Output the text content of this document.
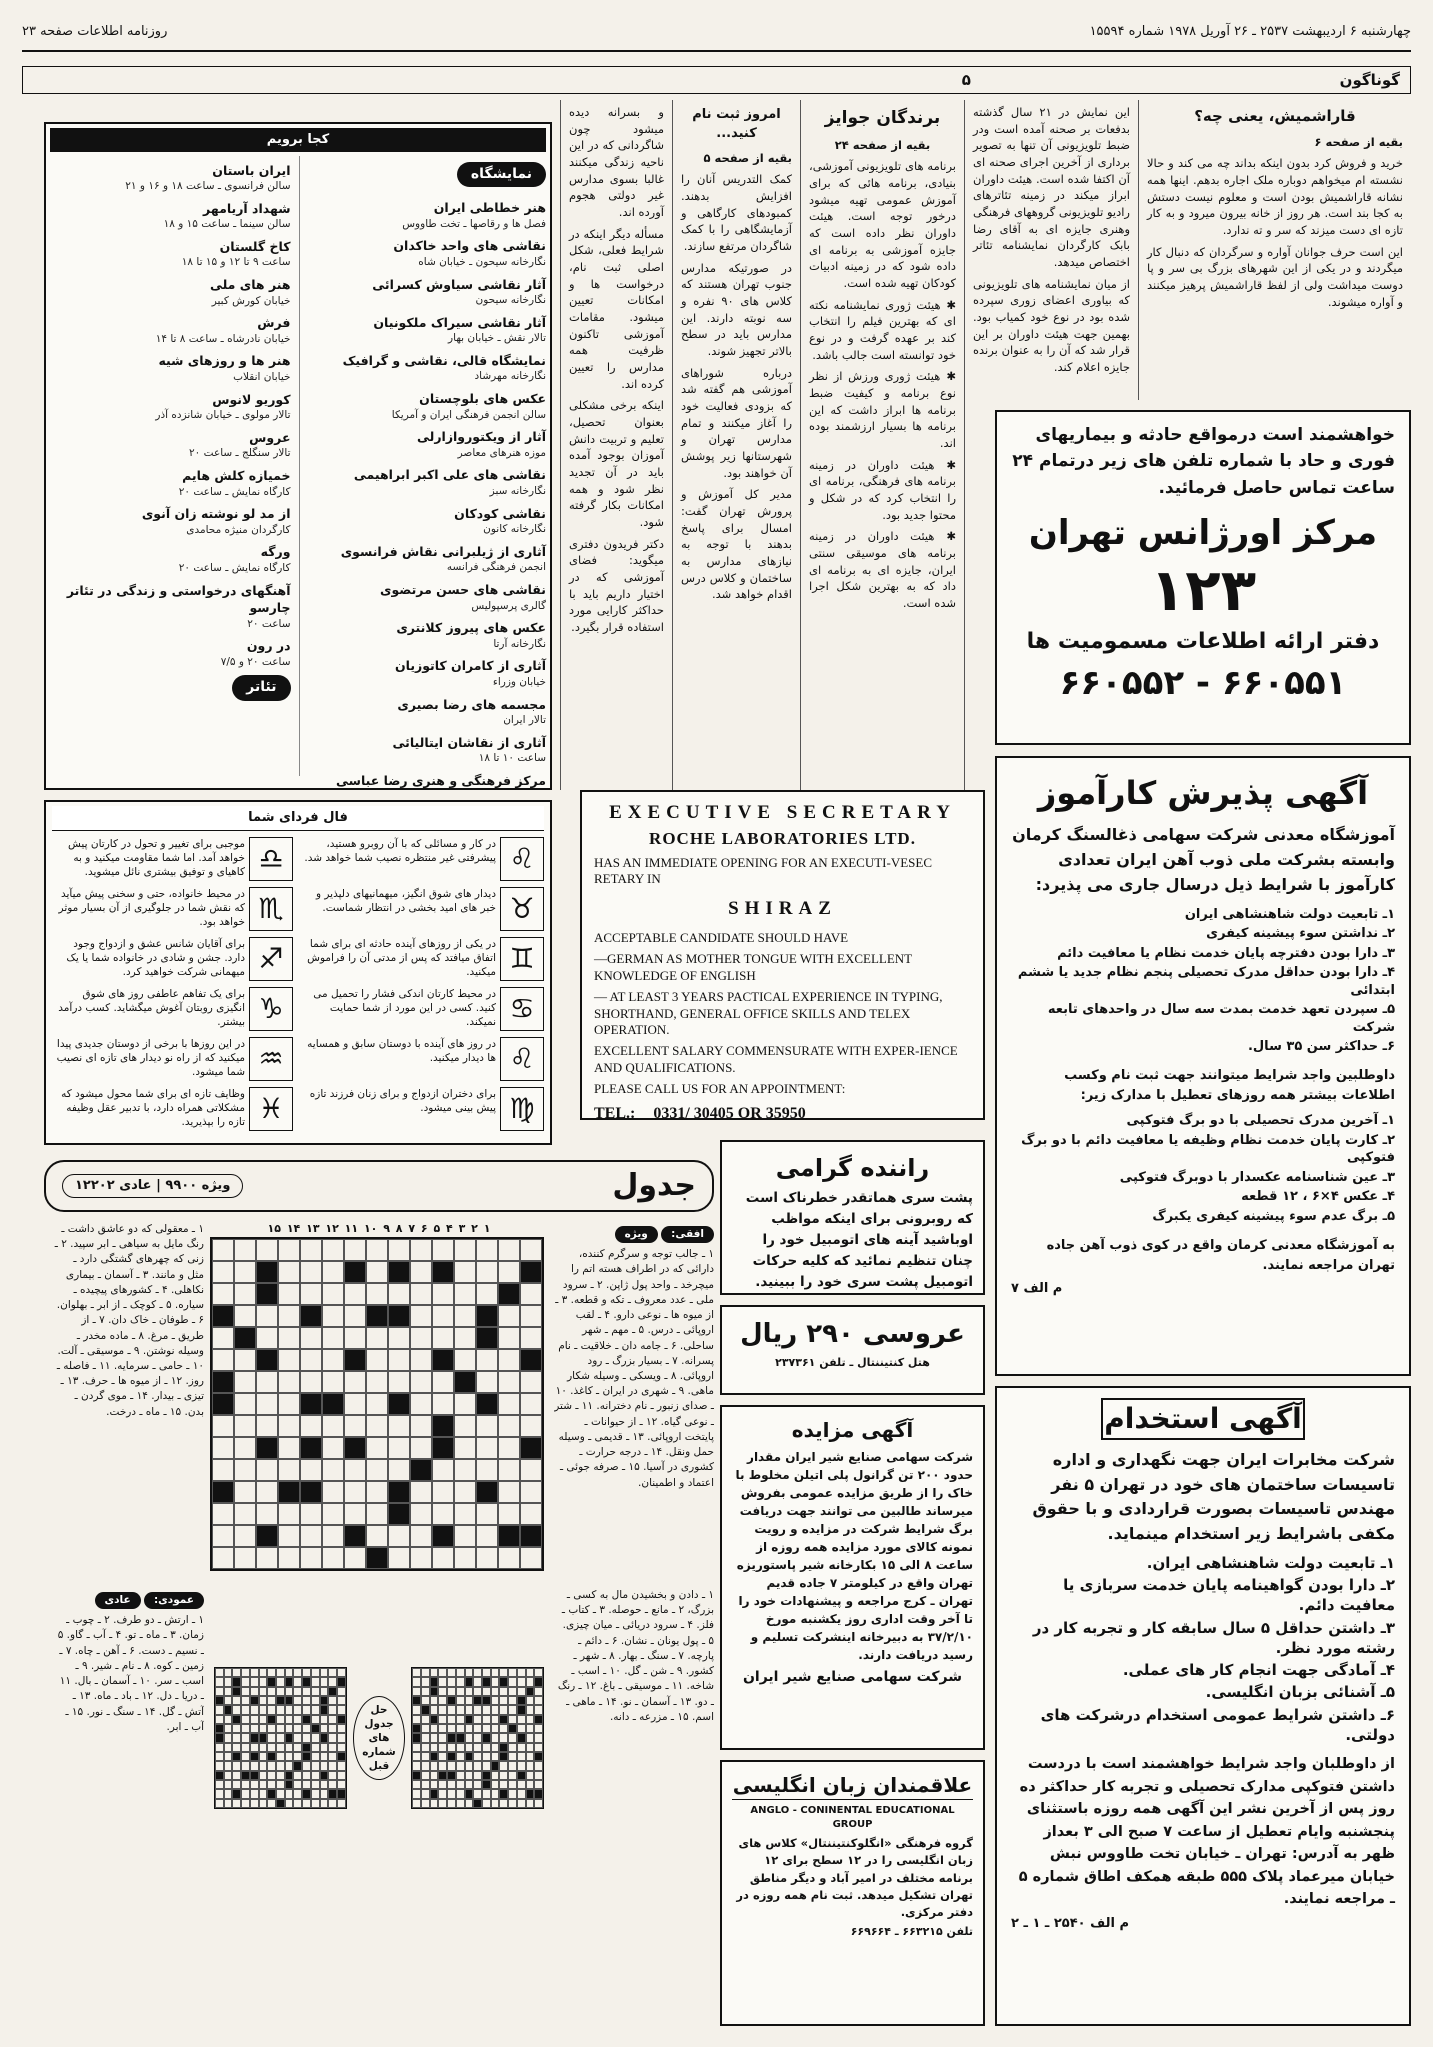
چهارشنبه ۶ اردیبهشت ۲۵۳۷ ـ ۲۶ آوریل ۱۹۷۸ شماره ۱۵۵۹۴
روزنامه اطلاعات صفحه ۲۳
گوناگون
۵
قاراشمیش، یعنی چه؟

بقیه از صفحه ۶

خرید و فروش کرد بدون اینکه بداند چه می کند و حالا نشسته ام میخواهم دوباره ملک اجاره بدهم. اینها همه نشانه قاراشمیش بودن است و معلوم نیست دستش به کجا بند است. هر روز از خانه بیرون میرود و به کار تازه ای دست میزند که سر و ته ندارد.

این است حرف جوانان آواره و سرگردان که دنبال کار میگردند و در یکی از این شهرهای بزرگ بی سر و پا دوست میداشت ولی از لفظ قاراشمیش پرهیز میکنند و آواره میشوند.

این نمایش در ۲۱ سال گذشته بدفعات بر صحنه آمده است ودر ضبط تلویزیونی آن تنها به تصویر برداری از آخرین اجرای صحنه ای آن اکتفا شده است. هیئت داوران ابراز میکند در زمینه تئاترهای رادیو تلویزیونی گروههای فرهنگی وهنری جایزه ای به آقای رضا بابک کارگردان نمایشنامه تئاتر اختصاص میدهد.

از میان نمایشنامه های تلویزیونی که بیاوری اعضای زوری سپرده شده بود در نوع خود کمیاب بود. بهمین جهت هیئت داوران بر این قرار شد که آن را به عنوان برنده جایزه اعلام کند.

برندگان جوایز

بقیه از صفحه ۲۴

برنامه های تلویزیونی آموزشی، بنیادی، برنامه هائی که برای آموزش عمومی تهیه میشود درخور توجه است. هیئت داوران نظر داده است که جایزه آموزشی به برنامه ای داده شود که در زمینه ادبیات کودکان تهیه شده است.

✱ هیئت ژوری نمایشنامه نکته ای که بهترین فیلم را انتخاب کند بر عهده گرفت و در نوع خود توانسته است جالب باشد.

✱ هیئت ژوری ورزش از نظر نوع برنامه و کیفیت ضبط برنامه ها ابراز داشت که این برنامه ها بسیار ارزشمند بوده اند.

✱ هیئت داوران در زمینه برنامه های فرهنگی، برنامه ای را انتخاب کرد که در شکل و محتوا جدید بود.

✱ هیئت داوران در زمینه برنامه های موسیقی سنتی ایران، جایزه ای به برنامه ای داد که به بهترین شکل اجرا شده است.

امروز ثبت نام کنید...

بقیه از صفحه ۵

کمک التدریس آنان را افزایش بدهند. کمبودهای کارگاهی و آزمایشگاهی را با کمک شاگردان مرتفع سازند.

در صورتیکه مدارس جنوب تهران هستند که کلاس های ۹۰ نفره و سه نوبته دارند. این مدارس باید در سطح بالاتر تجهیز شوند.

درباره شوراهای آموزشی هم گفته شد که بزودی فعالیت خود را آغاز میکنند و تمام مدارس تهران و شهرستانها زیر پوشش آن خواهند بود.

مدیر کل آموزش و پرورش تهران گفت: امسال برای پاسخ بدهند با توجه به نیازهای مدارس به ساختمان و کلاس درس اقدام خواهد شد.

و بسرانه دیده میشود چون شاگردانی که در این ناحیه زندگی میکنند غالبا بسوی مدارس غیر دولتی هجوم آورده اند.

مسأله دیگر اینکه در شرایط فعلی، شکل اصلی ثبت نام، درخواست ها و امکانات تعیین میشود. مقامات آموزشی تاکنون ظرفیت همه مدارس را تعیین کرده اند.

اینکه برخی مشکلی بعنوان تحصیل، تعلیم و تربیت دانش آموزان بوجود آمده باید در آن تجدید نظر شود و همه امکانات بکار گرفته شود.

دکتر فریدون دفتری میگوید: فضای آموزشی که در اختیار داریم باید با حداکثر کارایی مورد استفاده قرار بگیرد.

کجا برویم
نمایشگاه
هنر خطاطی ایران
فصل ها و رقاصها ـ تخت طاووس
نقاشی های واحد خاکدان
نگارخانه سیحون ـ خیابان شاه
آثار نقاشی سیاوش کسرائی
نگارخانه سیحون
آثار نقاشی سیراک ملکونیان
تالار نقش ـ خیابان بهار
نمایشگاه قالی، نقاشی و گرافیک
نگارخانه مهرشاد
عکس های بلوچستان
سالن انجمن فرهنگی ایران و آمریکا
آثار از ویکتوروازارلی
موزه هنرهای معاصر
نقاشی های علی اکبر ابراهیمی
نگارخانه سبز
نقاشی کودکان
نگارخانه کانون
آثاری از ژیلبرانی نقاش فرانسوی
انجمن فرهنگی فرانسه
نقاشی های حسن مرتضوی
گالری پرسپولیس
عکس های پیروز کلانتری
نگارخانه آرتا
آثاری از کامران کاتوزیان
خیابان وزراء
مجسمه های رضا بصیری
تالار ایران
آثاری از نقاشان ایتالیائی
ساعت ۱۰ تا ۱۸
مرکز فرهنگی و هنری رضا عباسی
ایران باستان
سالن فرانسوی ـ ساعت ۱۸ و ۱۶ و ۲۱
شهداد آریامهر
سالن سینما ـ ساعت ۱۵ و ۱۸
کاخ گلستان
ساعت ۹ تا ۱۲ و ۱۵ تا ۱۸
هنر های ملی
خیابان کورش کبیر
فرش
خیابان نادرشاه ـ ساعت ۸ تا ۱۴
هنر ها و روزهای شیه
خیابان انقلاب
کوریو لانوس
تالار مولوی ـ خیابان شانزده آذر
عروس
تالار سنگلج ـ ساعت ۲۰
خمیازه کلش هایم
کارگاه نمایش ـ ساعت ۲۰
از مد لو نوشته زان آنوی
کارگردان منیژه محامدی
ورگه
کارگاه نمایش ـ ساعت ۲۰
آهنگهای درخواستی و زندگی در تئاتر چارسو
ساعت ۲۰
در رون
ساعت ۲۰ و ۷/۵
تئاتر
خواهشمند است درمواقع حادثه و بیماریهای فوری و حاد با شماره تلفن های زیر درتمام ۲۴ ساعت تماس حاصل فرمائید.
مرکز اورژانس تهران
۱۲۳
دفتر ارائه اطلاعات مسمومیت ها
۶۶۰۵۵۱ - ۶۶۰۵۵۲
آگهی پذیرش کارآموز
آموزشگاه معدنی شرکت سهامی ذغالسنگ کرمان وابسته بشرکت ملی ذوب آهن ایران تعدادی کارآموز با شرایط ذیل درسال جاری می پذیرد:
۱ـ تابعیت دولت شاهنشاهی ایران
۲ـ نداشتن سوء پیشینه کیفری
۳ـ دارا بودن دفترچه پایان خدمت نظام یا معافیت دائم
۴ـ دارا بودن حداقل مدرک تحصیلی پنجم نظام جدید یا ششم ابتدائی
۵ـ سپردن تعهد خدمت بمدت سه سال در واحدهای تابعه شرکت
۶ـ حداکثر سن ۳۵ سال.
داوطلبین واجد شرایط میتوانند جهت ثبت نام وکسب اطلاعات بیشتر همه روزهای تعطیل با مدارک زیر:
۱ـ آخرین مدرک تحصیلی با دو برگ فتوکپی
۲ـ کارت پایان خدمت نظام وظیفه یا معافیت دائم با دو برگ فتوکپی
۳ـ عین شناسنامه عکسدار با دوبرگ فتوکپی
۴ـ عکس ۴×۶ ، ۱۲ قطعه
۵ـ برگ عدم سوء پیشینه کیفری یکبرگ
به آموزشگاه معدنی کرمان واقع در کوی ذوب آهن جاده تهران مراجعه نمایند.
م الف ۷
آگهی استخدام
شرکت مخابرات ایران جهت نگهداری و اداره تاسیسات ساختمان های خود در تهران ۵ نفر مهندس تاسیسات بصورت قراردادی و با حقوق مکفی باشرایط زیر استخدام مینماید.
۱ـ تابعیت دولت شاهنشاهی ایران.
۲ـ دارا بودن گواهینامه پایان خدمت سربازی یا معافیت دائم.
۳ـ داشتن حداقل ۵ سال سابقه کار و تجربه کار در رشته مورد نظر.
۴ـ آمادگی جهت انجام کار های عملی.
۵ـ آشنائی بزبان انگلیسی.
۶ـ داشتن شرایط عمومی استخدام درشرکت های دولتی.
از داوطلبان واجد شرایط خواهشمند است با دردست داشتن فتوکپی مدارک تحصیلی و تجربه کار حداکثر ده روز پس از آخرین نشر این آگهی همه روزه باستثنای پنجشنبه وایام تعطیل از ساعت ۷ صبح الی ۳ بعداز ظهر به آدرس: تهران ـ خیابان تخت طاووس نبش خیابان میرعماد پلاک ۵۵۵ طبقه همکف اطاق شماره ۵ ـ مراجعه نمایند.
م الف ۲۵۴۰ ـ ۱ ـ ۲
فال فردای شما
♌
در کار و مسائلی که با آن روبرو هستید، پیشرفتی غیر منتظره نصیب شما خواهد شد.
♎
موجبی برای تغییر و تحول در کارتان پیش خواهد آمد. اما شما مقاومت میکنید و به کاهیای و توفیق بیشتری نائل میشوید.
♉
دیدار های شوق انگیز، میهمانیهای دلپذیر و خبر های امید بخشی در انتظار شماست.
♏
در محیط خانواده، حتی و سخنی پیش میآید که نقش شما در جلوگیری از آن بسیار موثر خواهد بود.
♊
در یکی از روزهای آینده حادثه ای برای شما اتفاق میافتد که پس از مدتی آن را فراموش میکنید.
♐
برای آقایان شانس عشق و ازدواج وجود دارد. جشن و شادی در خانواده شما یا یک میهمانی شرکت خواهید کرد.
♋
در محیط کارتان اندکی فشار را تحمیل می کنید. کسی در این مورد از شما حمایت نمیکند.
♑
برای یک تفاهم عاطفی روز های شوق انگیزی روبتان آغوش میگشاید. کسب درآمد بیشتر.
♌
در روز های آینده با دوستان سابق و همسایه ها دیدار میکنید.
♒
در این روزها با برخی از دوستان جدیدی پیدا میکنید که از راه نو دیدار های تازه ای نصیب شما میشود.
♍
برای دختران ازدواج و برای زنان فرزند تازه پیش بینی میشود.
♓
وظایف تازه ای برای شما محول میشود که مشکلاتی همراه دارد، با تدبیر عقل وظیفه تازه را بپذیرید.
EXECUTIVE SECRETARY
ROCHE LABORATORIES LTD.

HAS AN IMMEDIATE OPENING FOR AN EXECUTI-VESEC RETARY IN

SHIRAZ

ACCEPTABLE CANDIDATE SHOULD HAVE

—GERMAN AS MOTHER TONGUE WITH EXCELLENT KNOWLEDGE OF ENGLISH

— AT LEAST 3 YEARS PACTICAL EXPERIENCE IN TYPING, SHORTHAND, GENERAL OFFICE SKILLS AND TELEX OPERATION.

EXCELLENT SALARY COMMENSURATE WITH EXPER-IENCE AND QUALIFICATIONS.

PLEASE CALL US FOR AN APPOINTMENT:

TEL.: 0331/ 30405 OR 35950

راننده گرامی
پشت سری هماتقدر خطرناک است که روبرونی برای اینکه مواظب اوباشید آینه های اتومبیل خود را چنان تنظیم نمائید که کلیه حرکات اتومبیل پشت سری خود را ببینید.
عروسی ۲۹۰ ریال
هتل کنتیننتال ـ تلفن ۲۳۷۳۶۱
آگهی مزایده
شرکت سهامی صنایع شیر ایران مقدار حدود ۲۰۰ تن گرانول پلی اتیلن مخلوط با خاک را از طریق مزایده عمومی بفروش میرساند طالبین می توانند جهت دریافت برگ شرایط شرکت در مزایده و رویت نمونه کالای مورد مزایده همه روزه از ساعت ۸ الی ۱۵ بکارخانه شیر پاستوریزه تهران واقع در کیلومتر ۷ جاده قدیم تهران ـ کرج مراجعه و پیشنهادات خود را تا آخر وقت اداری روز یکشنبه مورخ ۳۷/۲/۱۰ به دبیرخانه اینشرکت تسلیم و رسید دریافت دارند.
شرکت سهامی صنایع شیر ایران
علاقمندان زبان انگلیسی
ANGLO - CONINENTAL EDUCATIONAL GROUP
گروه فرهنگی «انگلوکنتیننتال» کلاس های زبان انگلیسی را در ۱۲ سطح برای ۱۲ برنامه مختلف در امیر آباد و دیگر مناطق تهران تشکیل میدهد. ثبت نام همه روزه در دفتر مرکزی.
تلفن ۶۶۳۲۱۵ ـ ۶۶۹۶۶۴
جدول
ویژه ۹۹۰۰ | عادی ۱۲۲۰۲
افقی: ویژه
۱ ـ جالب توجه و سرگرم کننده، دارائی که در اطراف هسته اتم را میچرخد ـ واحد پول ژاپن. ۲ ـ سرود ملی ـ عدد معروف ـ تکه و قطعه. ۳ ـ از میوه ها ـ نوعی دارو. ۴ ـ لقب اروپائی ـ درس. ۵ ـ مهم ـ شهر ساحلی. ۶ ـ جامه دان ـ خلاقیت ـ نام پسرانه. ۷ ـ بسیار بزرگ ـ رود اروپائی. ۸ ـ ویسکی ـ وسیله شکار ماهی. ۹ ـ شهری در ایران ـ کاغذ. ۱۰ ـ صدای زنبور ـ نام دخترانه. ۱۱ ـ شتر ـ نوعی گیاه. ۱۲ ـ از حیوانات ـ پایتخت اروپائی. ۱۳ ـ قدیمی ـ وسیله حمل ونقل. ۱۴ ـ درجه حرارت ـ کشوری در آسیا. ۱۵ ـ صرفه جوئی ـ اعتماد و اطمینان.
۱ ۲ ۳ ۴ ۵ ۶ ۷ ۸ ۹ ۱۰ ۱۱ ۱۲ ۱۳ ۱۴ ۱۵
۱ ـ معقولی که دو عاشق داشت ـ رنگ مایل به سیاهی ـ ابر سپید. ۲ ـ زنی که چهرهای گشتگی دارد ـ مثل و مانند. ۳ ـ آسمان ـ بیماری نکاهلی. ۴ ـ کشورهای پیچیده ـ سیاره. ۵ ـ کوچک ـ از ابر ـ بهلوان. ۶ ـ طوفان ـ خاک دان. ۷ ـ از طریق ـ مرغ. ۸ ـ ماده مخدر ـ وسیله نوشتن. ۹ ـ موسیقی ـ آلت. ۱۰ ـ حامی ـ سرمایه. ۱۱ ـ فاصله ـ روز. ۱۲ ـ از میوه ها ـ حرف. ۱۳ ـ تیزی ـ بیدار. ۱۴ ـ موی گردن ـ بدن. ۱۵ ـ ماه ـ درخت.
۱ ـ دادن و بخشیدن مال به کسی ـ بزرگ، ۲ ـ مانع ـ حوصله. ۳ ـ کتاب ـ فلز. ۴ ـ سرود دریائی ـ میان چیزی. ۵ ـ پول یونان ـ نشان. ۶ ـ دائم ـ پارچه. ۷ ـ سنگ ـ بهار. ۸ ـ شهر ـ کشور. ۹ ـ شن ـ گل. ۱۰ ـ اسب ـ شاخه. ۱۱ ـ موسیقی ـ باغ. ۱۲ ـ رنگ ـ دو. ۱۳ ـ آسمان ـ نو. ۱۴ ـ ماهی ـ اسم. ۱۵ ـ مزرعه ـ دانه.
حل جدول های شماره قبل
عمودی: عادی
۱ ـ ارتش ـ دو طرف. ۲ ـ چوب ـ زمان. ۳ ـ ماه ـ تو. ۴ ـ آب ـ گاو. ۵ ـ نسیم ـ دست. ۶ ـ آهن ـ چاه. ۷ ـ زمین ـ کوه. ۸ ـ نام ـ شیر. ۹ ـ اسب ـ سر. ۱۰ ـ آسمان ـ بال. ۱۱ ـ دریا ـ دل. ۱۲ ـ باد ـ ماه. ۱۳ ـ آتش ـ گل. ۱۴ ـ سنگ ـ نور. ۱۵ ـ آب ـ ابر.
